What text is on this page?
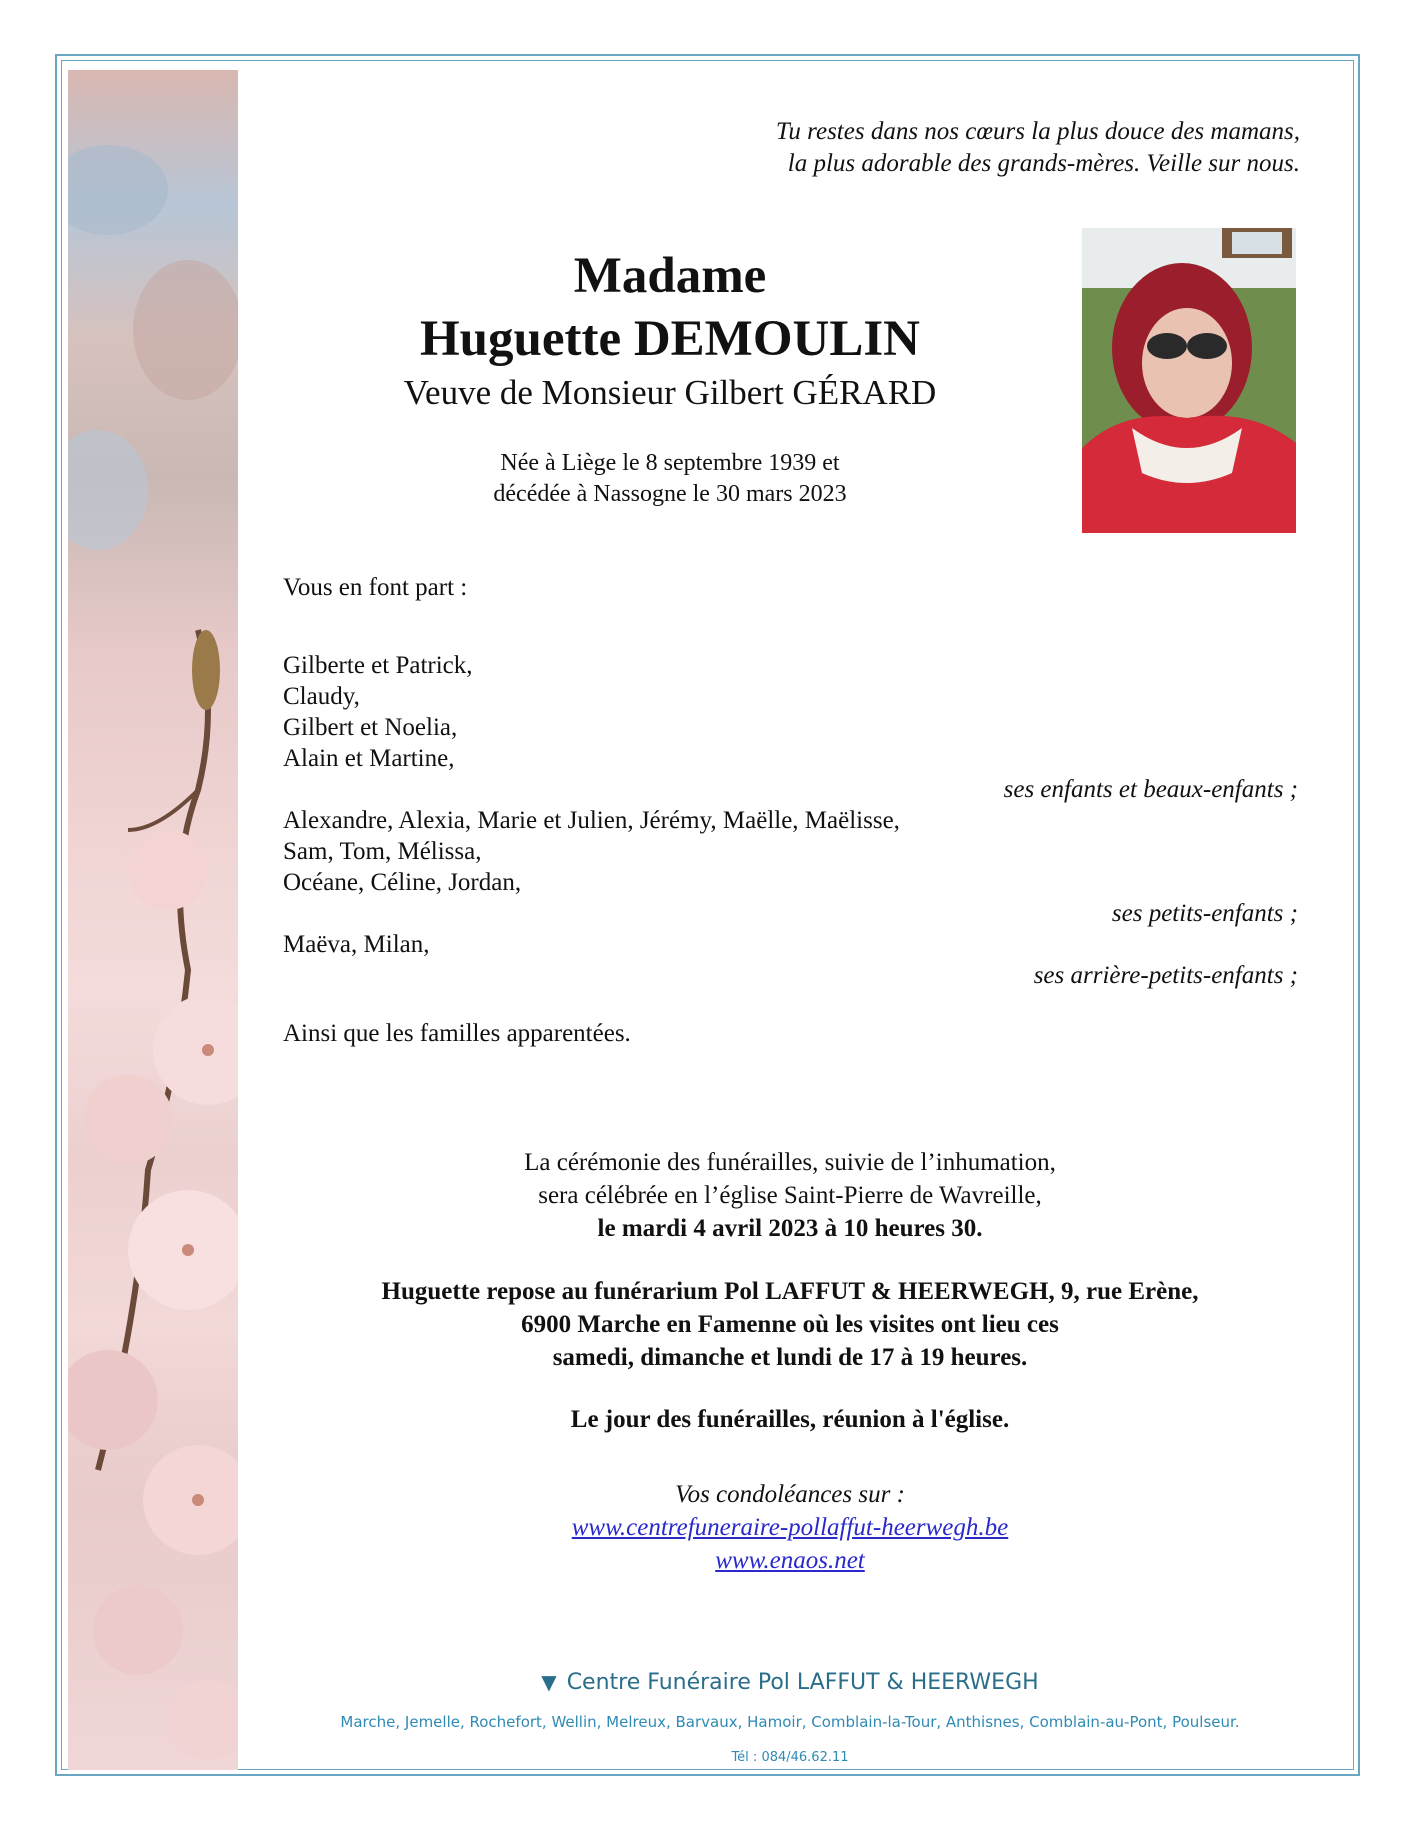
Tu restes dans nos cœurs la plus douce des mamans,
la plus adorable des grands-mères. Veille sur nous.
Madame
Huguette DEMOULIN
Veuve de Monsieur Gilbert GÉRARD
Née à Liège le 8 septembre 1939 et
décédée à Nassogne le 30 mars 2023
Vous en font part :
Gilberte et Patrick,
Claudy,
Gilbert et Noelia,
Alain et Martine,
ses enfants et beaux-enfants ;
Alexandre, Alexia, Marie et Julien, Jérémy, Maëlle, Maëlisse,
Sam, Tom, Mélissa,
Océane, Céline, Jordan,
ses petits-enfants ;
Maëva, Milan,
ses arrière-petits-enfants ;
Ainsi que les familles apparentées.
La cérémonie des funérailles, suivie de l’inhumation,
sera célébrée en l’église Saint-Pierre de Wavreille,
le mardi 4 avril 2023 à 10 heures 30.
Huguette repose au funérarium Pol LAFFUT & HEERWEGH, 9, rue Erène,
6900 Marche en Famenne où les visites ont lieu ces
samedi, dimanche et lundi de 17 à 19 heures.
Le jour des funérailles, réunion à l'église.
Vos condoléances sur :
www.centrefuneraire-pollaffut-heerwegh.be
www.enaos.net
▼ Centre Funéraire Pol LAFFUT & HEERWEGH
Marche, Jemelle, Rochefort, Wellin, Melreux, Barvaux, Hamoir, Comblain-la-Tour, Anthisnes, Comblain-au-Pont, Poulseur.
Tél : 084/46.62.11
